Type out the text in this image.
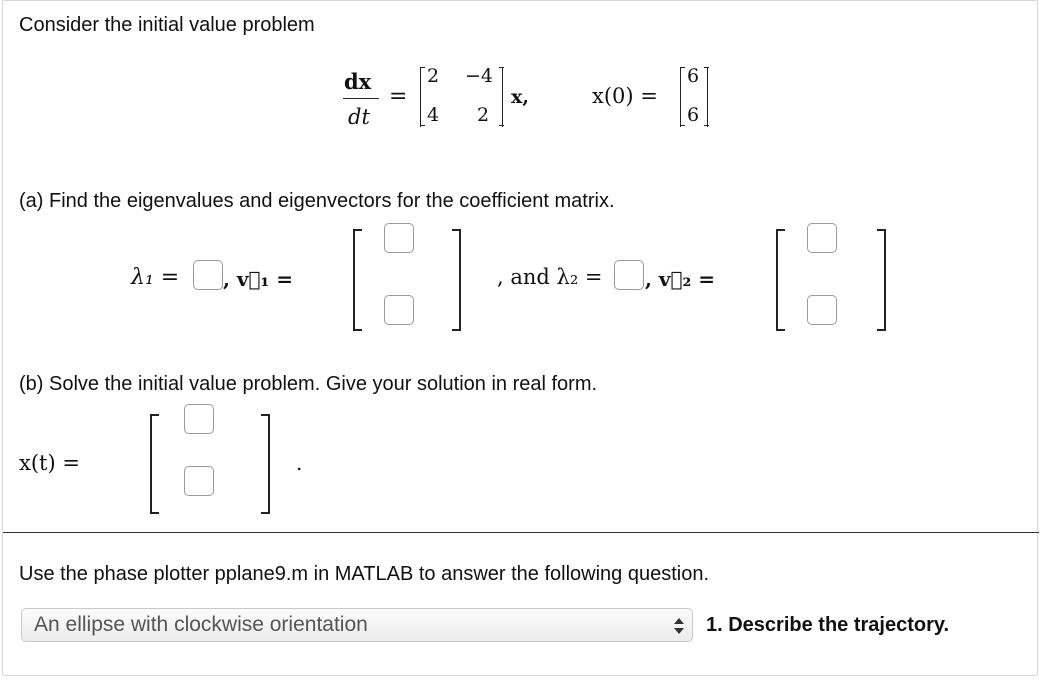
Consider the initial value problem
dx
dt
=
2 −4
4 2
x,	x(0) =
6
6
(a) Find the eigenvalues and eigenvectors for the coefficient matrix.
λ₁ = , v⃗₁ =	, and λ₂ = , v⃗₂ =
(b) Solve the initial value problem. Give your solution in real form.
x(t) =	.
Use the phase plotter pplane9.m in MATLAB to answer the following question.
An ellipse with clockwise orientation	1. Describe the trajectory.
